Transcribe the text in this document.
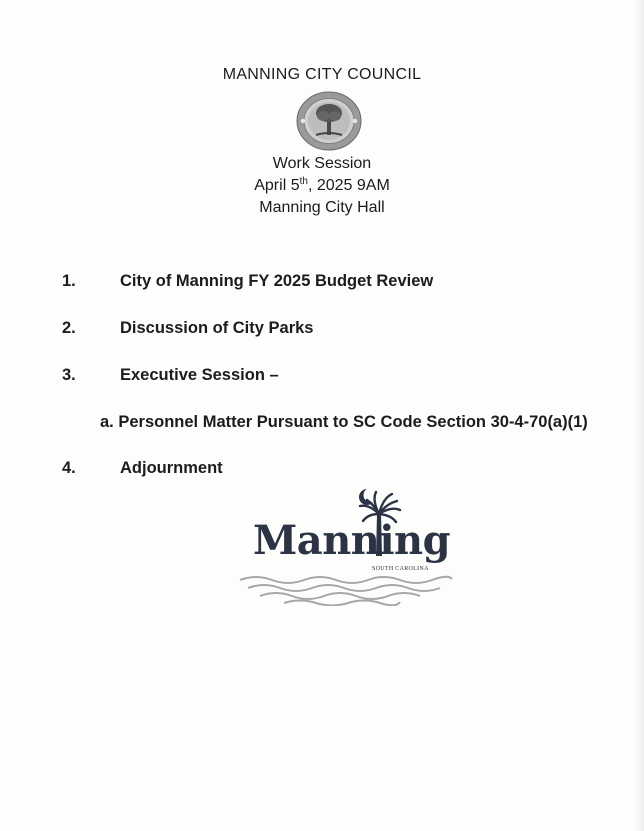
MANNING CITY COUNCIL
Work Session
April 5th, 2025 9AM
Manning City Hall
1.	City of Manning FY 2025 Budget Review
2.	Discussion of City Parks
3.	Executive Session –
a. Personnel Matter Pursuant to SC Code Section 30-4-70(a)(1)
4.	Adjournment
Manning
SOUTH CAROLINA
